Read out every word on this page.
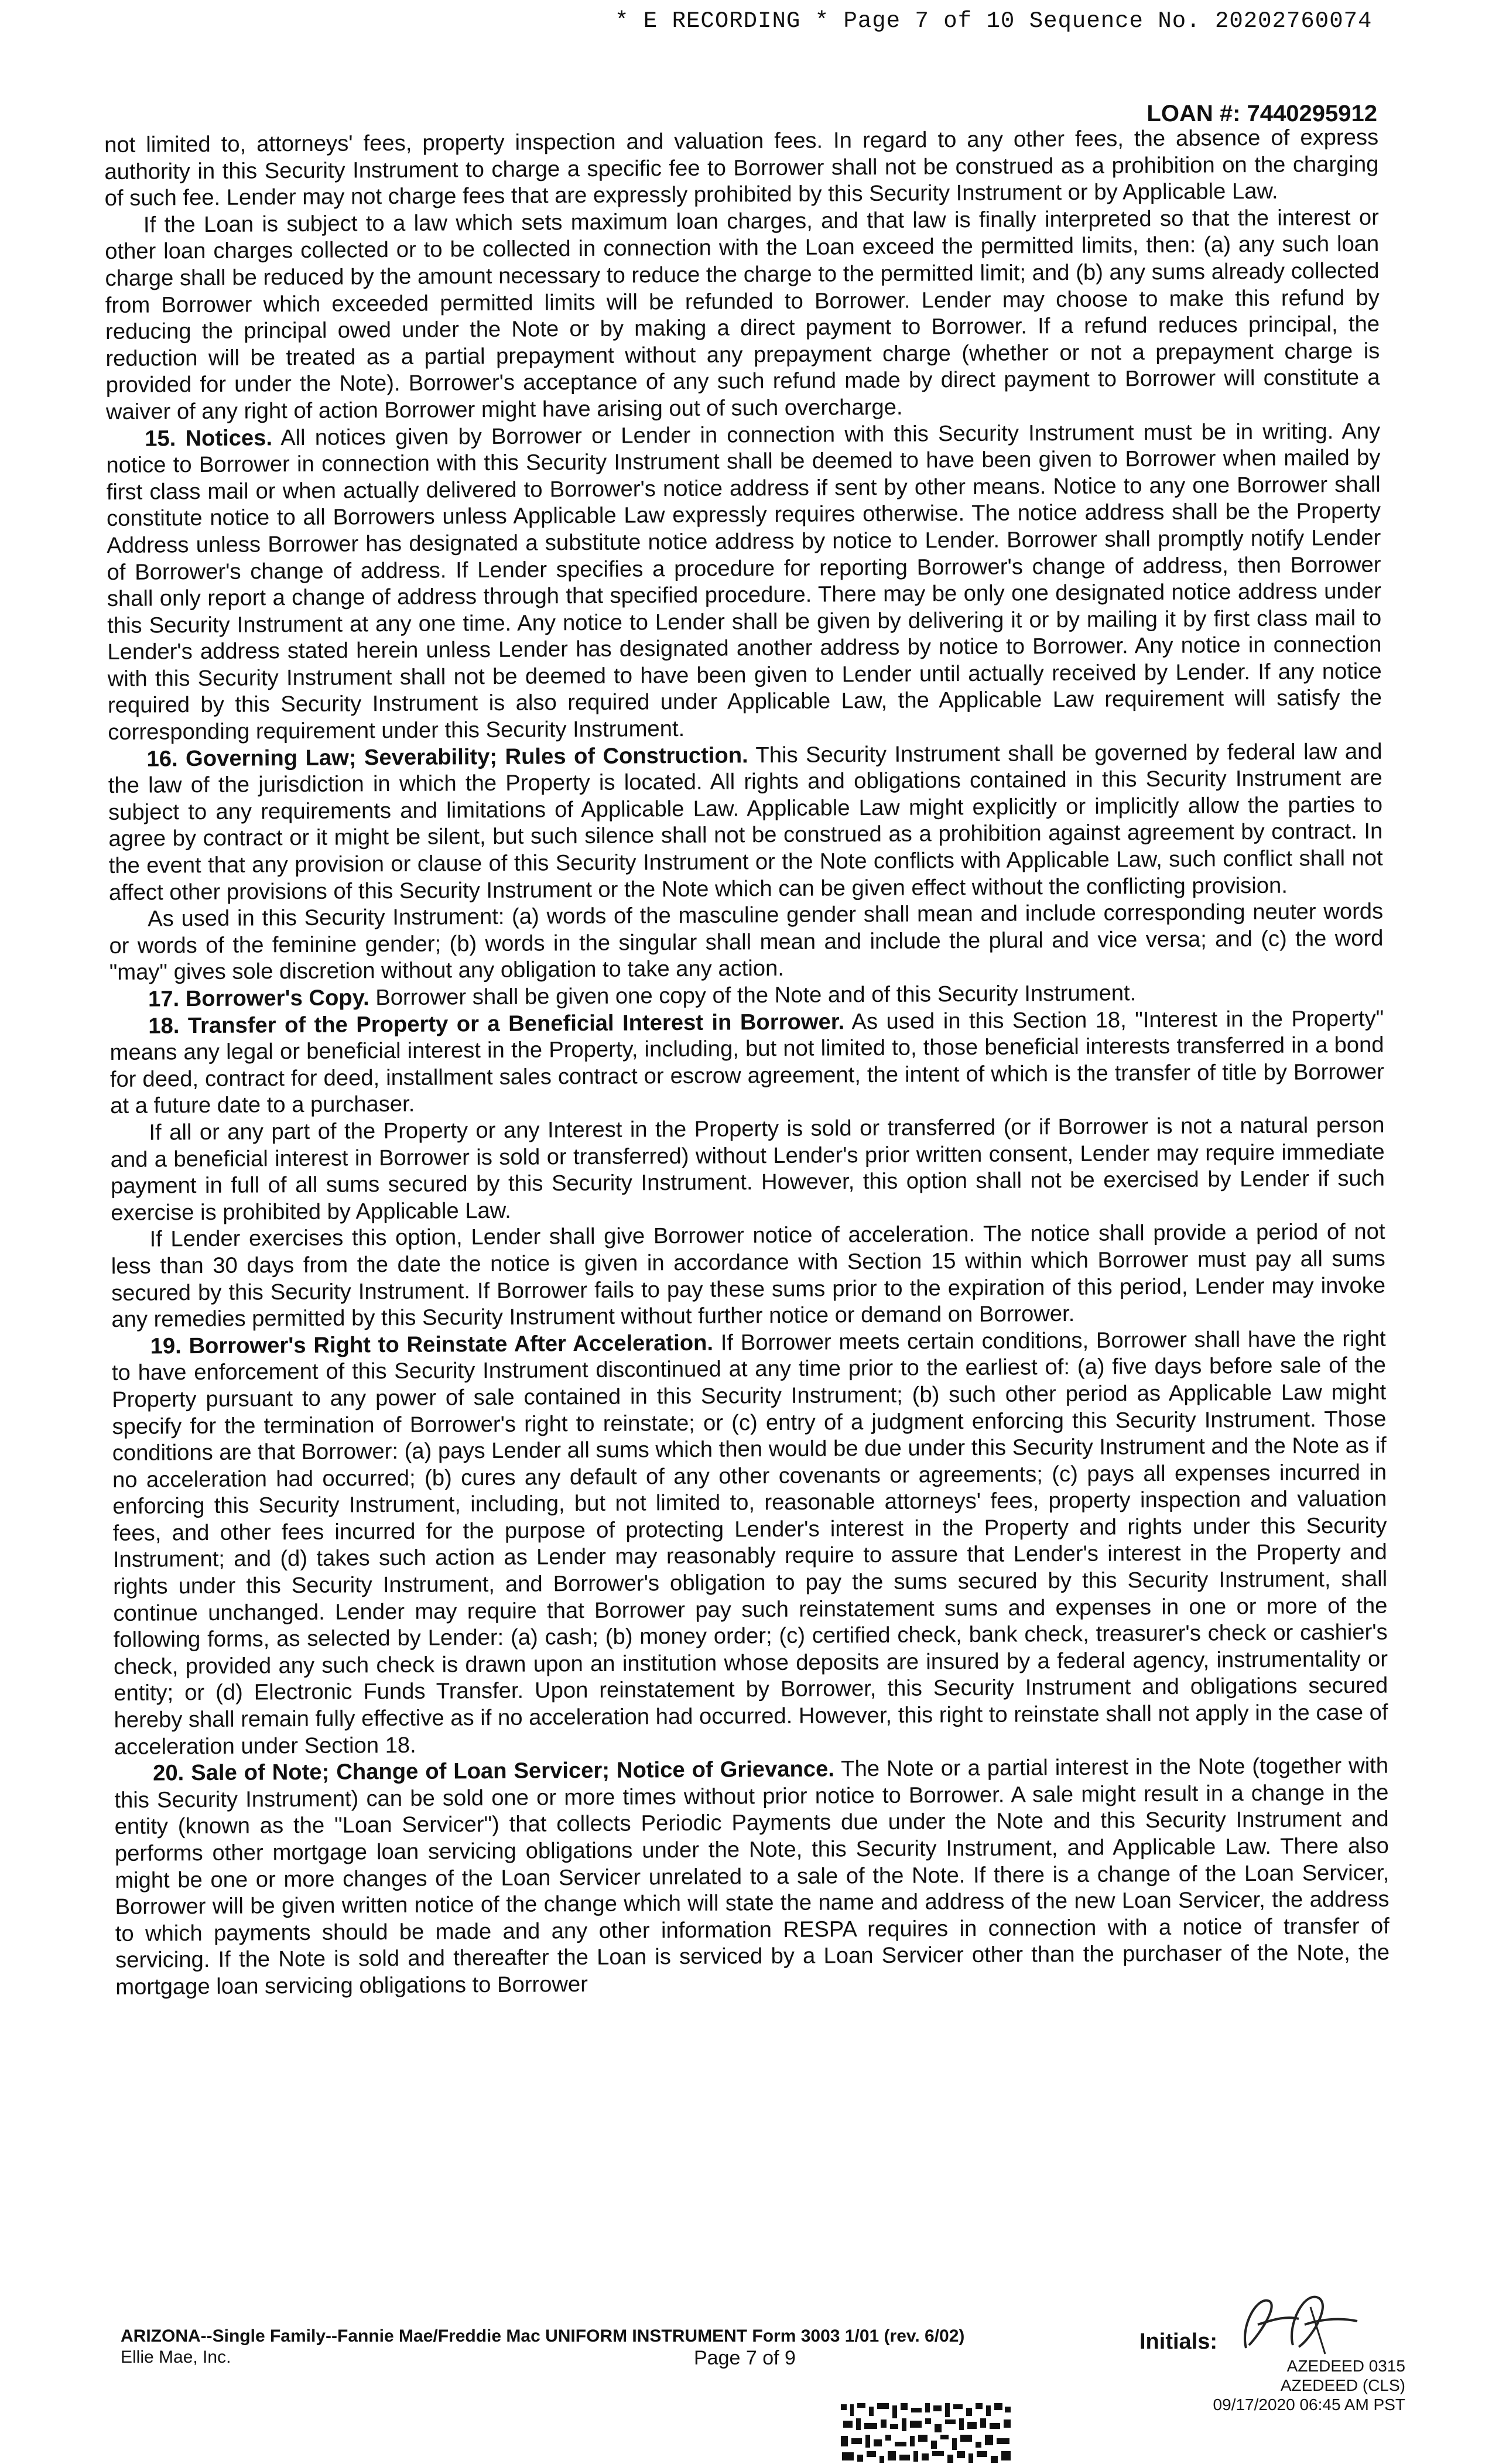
* E RECORDING * Page 7 of 10 Sequence No. 20202760074
LOAN #: 7440295912

not limited to, attorneys' fees, property inspection and valuation fees. In regard to any other fees, the absence of express authority in this Security Instrument to charge a specific fee to Borrower shall not be construed as a prohibition on the charging of such fee. Lender may not charge fees that are expressly prohibited by this Security Instrument or by Applicable Law.

If the Loan is subject to a law which sets maximum loan charges, and that law is finally interpreted so that the interest or other loan charges collected or to be collected in connection with the Loan exceed the permitted limits, then: (a) any such loan charge shall be reduced by the amount necessary to reduce the charge to the permitted limit; and (b) any sums already collected from Borrower which exceeded permitted limits will be refunded to Borrower. Lender may choose to make this refund by reducing the principal owed under the Note or by making a direct payment to Borrower. If a refund reduces principal, the reduction will be treated as a partial prepayment without any prepayment charge (whether or not a prepayment charge is provided for under the Note). Borrower's acceptance of any such refund made by direct payment to Borrower will constitute a waiver of any right of action Borrower might have arising out of such overcharge.

15. Notices. All notices given by Borrower or Lender in connection with this Security Instrument must be in writing. Any notice to Borrower in connection with this Security Instrument shall be deemed to have been given to Borrower when mailed by first class mail or when actually delivered to Borrower's notice address if sent by other means. Notice to any one Borrower shall constitute notice to all Borrowers unless Applicable Law expressly requires otherwise. The notice address shall be the Property Address unless Borrower has designated a substitute notice address by notice to Lender. Borrower shall promptly notify Lender of Borrower's change of address. If Lender specifies a procedure for reporting Borrower's change of address, then Borrower shall only report a change of address through that specified procedure. There may be only one designated notice address under this Security Instrument at any one time. Any notice to Lender shall be given by delivering it or by mailing it by first class mail to Lender's address stated herein unless Lender has designated another address by notice to Borrower. Any notice in connection with this Security Instrument shall not be deemed to have been given to Lender until actually received by Lender. If any notice required by this Security Instrument is also required under Applicable Law, the Applicable Law requirement will satisfy the corresponding requirement under this Security Instrument.

16. Governing Law; Severability; Rules of Construction. This Security Instrument shall be governed by federal law and the law of the jurisdiction in which the Property is located. All rights and obligations contained in this Security Instrument are subject to any requirements and limitations of Applicable Law. Applicable Law might explicitly or implicitly allow the parties to agree by contract or it might be silent, but such silence shall not be construed as a prohibition against agreement by contract. In the event that any provision or clause of this Security Instrument or the Note conflicts with Applicable Law, such conflict shall not affect other provisions of this Security Instrument or the Note which can be given effect without the conflicting provision.

As used in this Security Instrument: (a) words of the masculine gender shall mean and include corresponding neuter words or words of the feminine gender; (b) words in the singular shall mean and include the plural and vice versa; and (c) the word "may" gives sole discretion without any obligation to take any action.

17. Borrower's Copy. Borrower shall be given one copy of the Note and of this Security Instrument.

18. Transfer of the Property or a Beneficial Interest in Borrower. As used in this Section 18, "Interest in the Property" means any legal or beneficial interest in the Property, including, but not limited to, those beneficial interests transferred in a bond for deed, contract for deed, installment sales contract or escrow agreement, the intent of which is the transfer of title by Borrower at a future date to a purchaser.

If all or any part of the Property or any Interest in the Property is sold or transferred (or if Borrower is not a natural person and a beneficial interest in Borrower is sold or transferred) without Lender's prior written consent, Lender may require immediate payment in full of all sums secured by this Security Instrument. However, this option shall not be exercised by Lender if such exercise is prohibited by Applicable Law.

If Lender exercises this option, Lender shall give Borrower notice of acceleration. The notice shall provide a period of not less than 30 days from the date the notice is given in accordance with Section 15 within which Borrower must pay all sums secured by this Security Instrument. If Borrower fails to pay these sums prior to the expiration of this period, Lender may invoke any remedies permitted by this Security Instrument without further notice or demand on Borrower.

19. Borrower's Right to Reinstate After Acceleration. If Borrower meets certain conditions, Borrower shall have the right to have enforcement of this Security Instrument discontinued at any time prior to the earliest of: (a) five days before sale of the Property pursuant to any power of sale contained in this Security Instrument; (b) such other period as Applicable Law might specify for the termination of Borrower's right to reinstate; or (c) entry of a judgment enforcing this Security Instrument. Those conditions are that Borrower: (a) pays Lender all sums which then would be due under this Security Instrument and the Note as if no acceleration had occurred; (b) cures any default of any other covenants or agreements; (c) pays all expenses incurred in enforcing this Security Instrument, including, but not limited to, reasonable attorneys' fees, property inspection and valuation fees, and other fees incurred for the purpose of protecting Lender's interest in the Property and rights under this Security Instrument; and (d) takes such action as Lender may reasonably require to assure that Lender's interest in the Property and rights under this Security Instrument, and Borrower's obligation to pay the sums secured by this Security Instrument, shall continue unchanged. Lender may require that Borrower pay such reinstatement sums and expenses in one or more of the following forms, as selected by Lender: (a) cash; (b) money order; (c) certified check, bank check, treasurer's check or cashier's check, provided any such check is drawn upon an institution whose deposits are insured by a federal agency, instrumentality or entity; or (d) Electronic Funds Transfer. Upon reinstatement by Borrower, this Security Instrument and obligations secured hereby shall remain fully effective as if no acceleration had occurred. However, this right to reinstate shall not apply in the case of acceleration under Section 18.

20. Sale of Note; Change of Loan Servicer; Notice of Grievance. The Note or a partial interest in the Note (together with this Security Instrument) can be sold one or more times without prior notice to Borrower. A sale might result in a change in the entity (known as the "Loan Servicer") that collects Periodic Payments due under the Note and this Security Instrument and performs other mortgage loan servicing obligations under the Note, this Security Instrument, and Applicable Law. There also might be one or more changes of the Loan Servicer unrelated to a sale of the Note. If there is a change of the Loan Servicer, Borrower will be given written notice of the change which will state the name and address of the new Loan Servicer, the address to which payments should be made and any other information RESPA requires in connection with a notice of transfer of servicing. If the Note is sold and thereafter the Loan is serviced by a Loan Servicer other than the purchaser of the Note, the mortgage loan servicing obligations to Borrower

ARIZONA--Single Family--Fannie Mae/Freddie Mac UNIFORM INSTRUMENT Form 3003 1/01 (rev. 6/02)
Ellie Mae, Inc.	Page 7 of 9
Initials:
AZEDEED 0315
AZEDEED (CLS)
09/17/2020 06:45 AM PST
